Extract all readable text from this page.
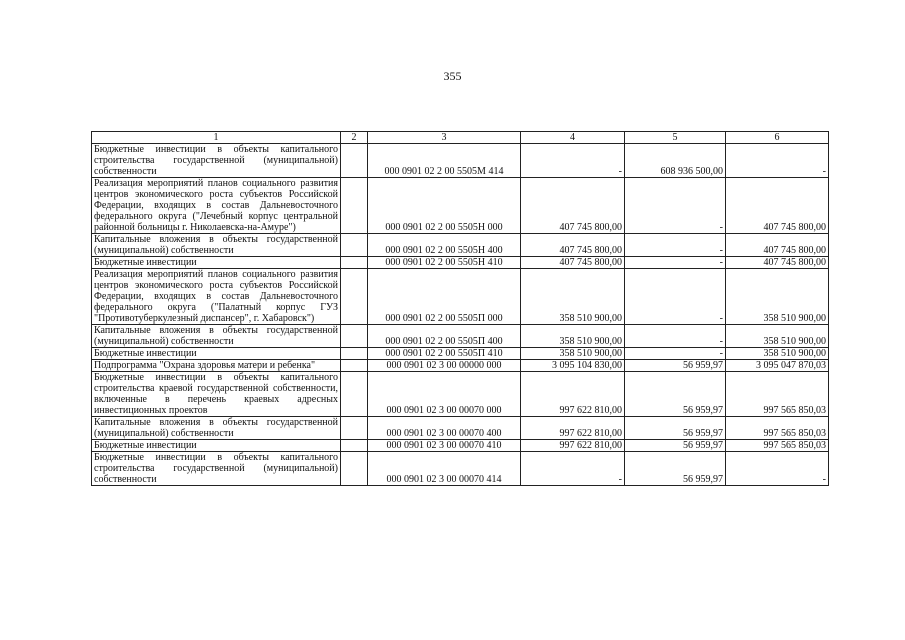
355
1	2	3	4	5	6
Бюджетные инвестиции в объекты капитального строительства государственной (муниципальной) собственности		000 0901 02 2 00 5505М 414	-	608 936 500,00	-
Реализация мероприятий планов социального развития центров экономического роста субъектов Российской Федерации, входящих в состав Дальневосточного федерального округа ("Лечебный корпус центральной районной больницы г. Николаевска-на-Амуре")		000 0901 02 2 00 5505Н 000	407 745 800,00	-	407 745 800,00
Капитальные вложения в объекты государственной (муниципальной) собственности		000 0901 02 2 00 5505Н 400	407 745 800,00	-	407 745 800,00
Бюджетные инвестиции		000 0901 02 2 00 5505Н 410	407 745 800,00	-	407 745 800,00
Реализация мероприятий планов социального развития центров экономического роста субъектов Российской Федерации, входящих в состав Дальневосточного федерального округа ("Палатный корпус ГУЗ "Противотуберкулезный диспансер", г. Хабаровск")		000 0901 02 2 00 5505П 000	358 510 900,00	-	358 510 900,00
Капитальные вложения в объекты государственной (муниципальной) собственности		000 0901 02 2 00 5505П 400	358 510 900,00	-	358 510 900,00
Бюджетные инвестиции		000 0901 02 2 00 5505П 410	358 510 900,00	-	358 510 900,00
Подпрограмма "Охрана здоровья матери и ребенка"		000 0901 02 3 00 00000 000	3 095 104 830,00	56 959,97	3 095 047 870,03
Бюджетные инвестиции в объекты капитального строительства краевой государственной собственности, включенные в перечень краевых адресных инвестиционных проектов		000 0901 02 3 00 00070 000	997 622 810,00	56 959,97	997 565 850,03
Капитальные вложения в объекты государственной (муниципальной) собственности		000 0901 02 3 00 00070 400	997 622 810,00	56 959,97	997 565 850,03
Бюджетные инвестиции		000 0901 02 3 00 00070 410	997 622 810,00	56 959,97	997 565 850,03
Бюджетные инвестиции в объекты капитального строительства государственной (муниципальной) собственности		000 0901 02 3 00 00070 414	-	56 959,97	-
